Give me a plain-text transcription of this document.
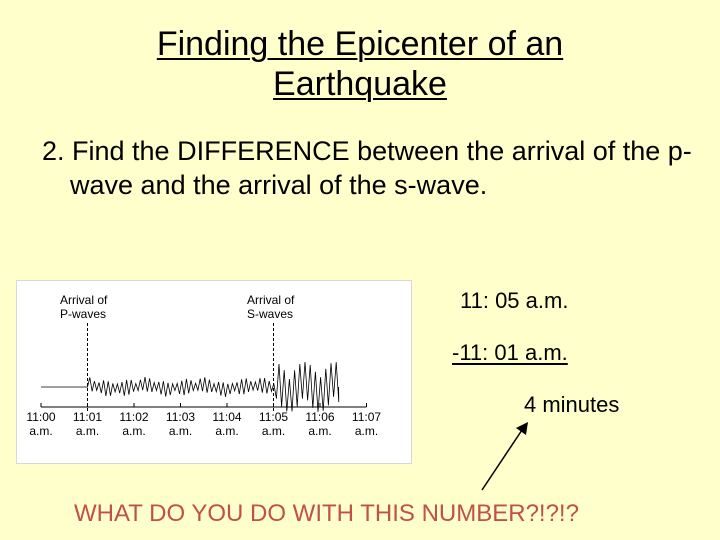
Finding the Epicenter of an
Earthquake
2. Find the DIFFERENCE between the arrival of the p-wave and the arrival of the s-wave.
Arrival of
P-waves
Arrival of
S-waves
11:00
a.m.
11:01
a.m.
11:02
a.m.
11:03
a.m.
11:04
a.m.
11:05
a.m.
11:06
a.m.
11:07
a.m.
11: 05 a.m.
-11: 01 a.m.
4 minutes
WHAT DO YOU DO WITH THIS NUMBER?!?!?
